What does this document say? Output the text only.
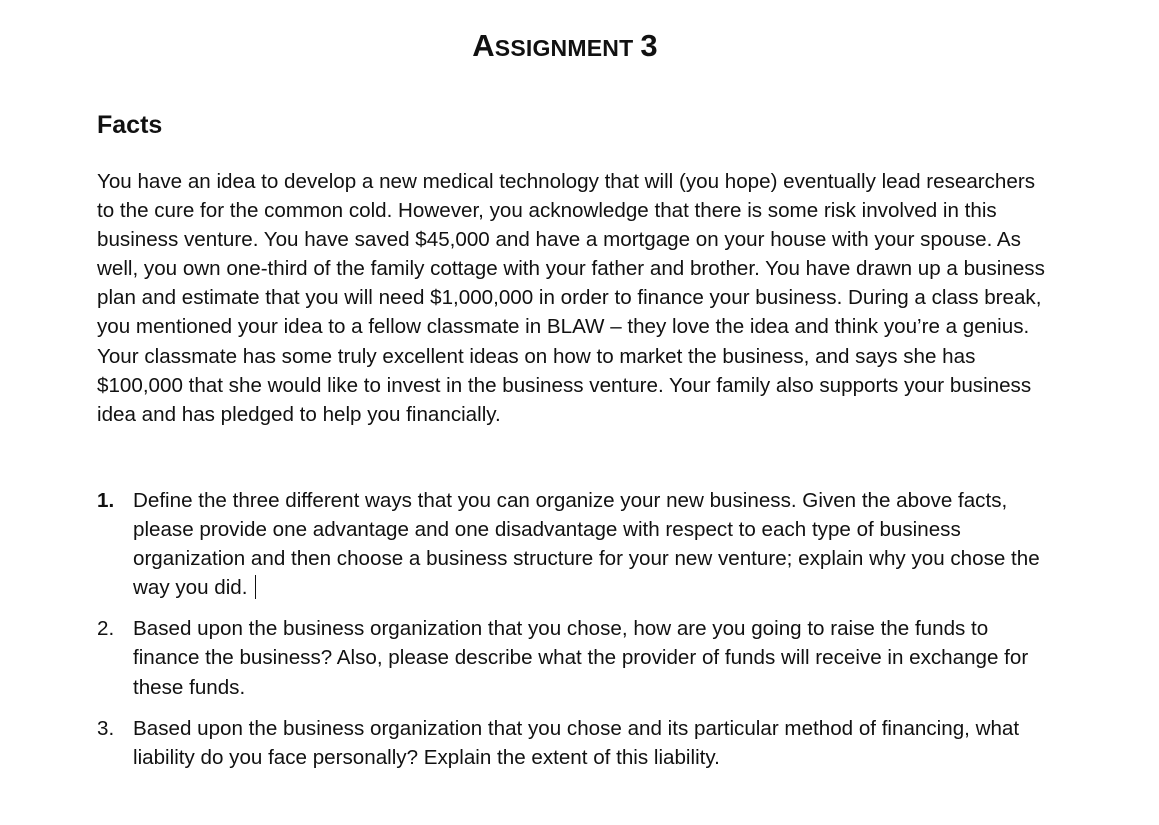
ASSIGNMENT 3
Facts

You have an idea to develop a new medical technology that will (you hope) eventually lead researchers to the cure for the common cold. However, you acknowledge that there is some risk involved in this business venture. You have saved $45,000 and have a mortgage on your house with your spouse. As well, you own one-third of the family cottage with your father and brother. You have drawn up a business plan and estimate that you will need $1,000,000 in order to finance your business. During a class break, you mentioned your idea to a fellow classmate in BLAW – they love the idea and think you’re a genius. Your classmate has some truly excellent ideas on how to market the business, and says she has $100,000 that she would like to invest in the business venture. Your family also supports your business idea and has pledged to help you financially.

1. Define the three different ways that you can organize your new business. Given the above facts, please provide one advantage and one disadvantage with respect to each type of business organization and then choose a business structure for your new venture; explain why you chose the way you did.
2. Based upon the business organization that you chose, how are you going to raise the funds to finance the business? Also, please describe what the provider of funds will receive in exchange for these funds.
3. Based upon the business organization that you chose and its particular method of financing, what liability do you face personally? Explain the extent of this liability.
